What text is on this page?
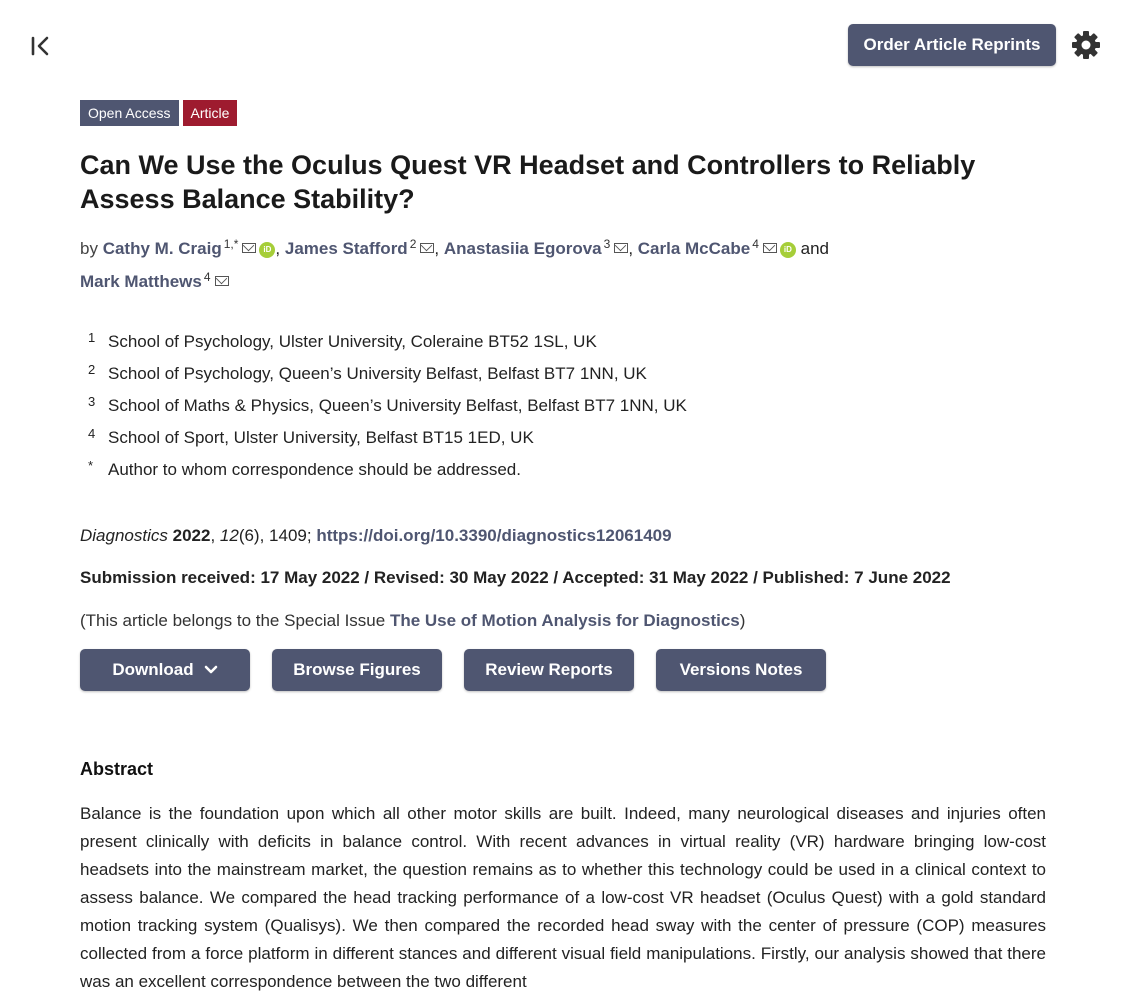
Order Article Reprints
Open Access	Article
Can We Use the Oculus Quest VR Headset and Controllers to Reliably Assess Balance Stability?
by Cathy M. Craig $^{1,*}$	iD , James Stafford $^2$ , Anastasiia Egorova $^3$ , Carla McCabe $^4$	iD and
Mark Matthews $^4$
1 School of Psychology, Ulster University, Coleraine BT52 1SL, UK
2 School of Psychology, Queen’s University Belfast, Belfast BT7 1NN, UK
3 School of Maths & Physics, Queen’s University Belfast, Belfast BT7 1NN, UK
4 School of Sport, Ulster University, Belfast BT15 1ED, UK
* Author to whom correspondence should be addressed.
Diagnostics 2022, 12(6), 1409; https://doi.org/10.3390/diagnostics12061409
Submission received: 17 May 2022 / Revised: 30 May 2022 / Accepted: 31 May 2022 / Published: 7 June 2022
(This article belongs to the Special Issue The Use of Motion Analysis for Diagnostics)
Download	Browse Figures	Review Reports	Versions Notes
Abstract
Balance is the foundation upon which all other motor skills are built. Indeed, many neurological diseases and injuries often present clinically with deficits in balance control. With recent advances in virtual reality (VR) hardware bringing low-cost headsets into the mainstream market, the question remains as to whether this technology could be used in a clinical context to assess balance. We compared the head tracking performance of a low-cost VR headset (Oculus Quest) with a gold standard motion tracking system (Qualisys). We then compared the recorded head sway with the center of pressure (COP) measures collected from a force platform in different stances and different visual field manipulations. Firstly, our analysis showed that there was an excellent correspondence between the two different
